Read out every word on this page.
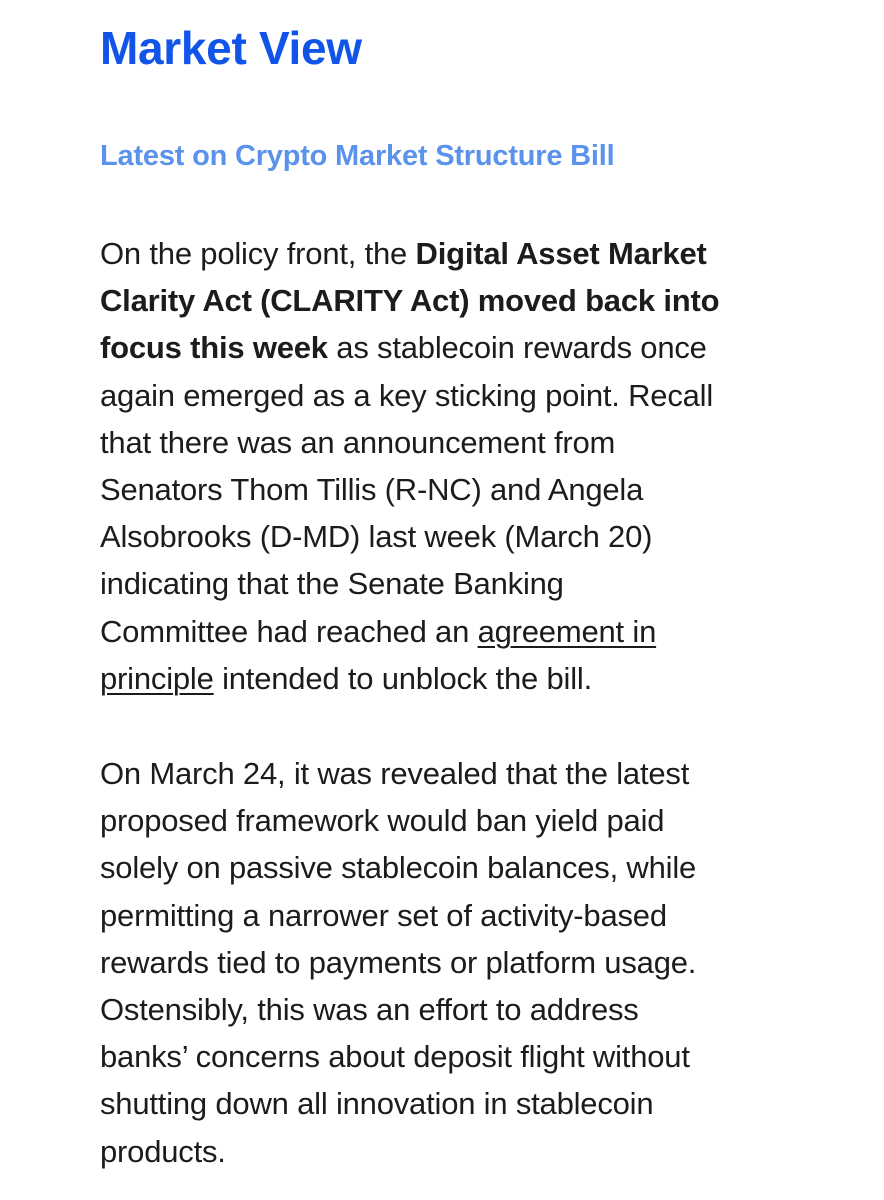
Market View
Latest on Crypto Market Structure Bill
On the policy front, the Digital Asset Market
Clarity Act (CLARITY Act) moved back into
focus this week as stablecoin rewards once
again emerged as a key sticking point. Recall
that there was an announcement from
Senators Thom Tillis (R-NC) and Angela
Alsobrooks (D-MD) last week (March 20)
indicating that the Senate Banking
Committee had reached an agreement in
principle intended to unblock the bill.
On March 24, it was revealed that the latest
proposed framework would ban yield paid
solely on passive stablecoin balances, while
permitting a narrower set of activity-based
rewards tied to payments or platform usage.
Ostensibly, this was an effort to address
banks’ concerns about deposit flight without
shutting down all innovation in stablecoin
products.
